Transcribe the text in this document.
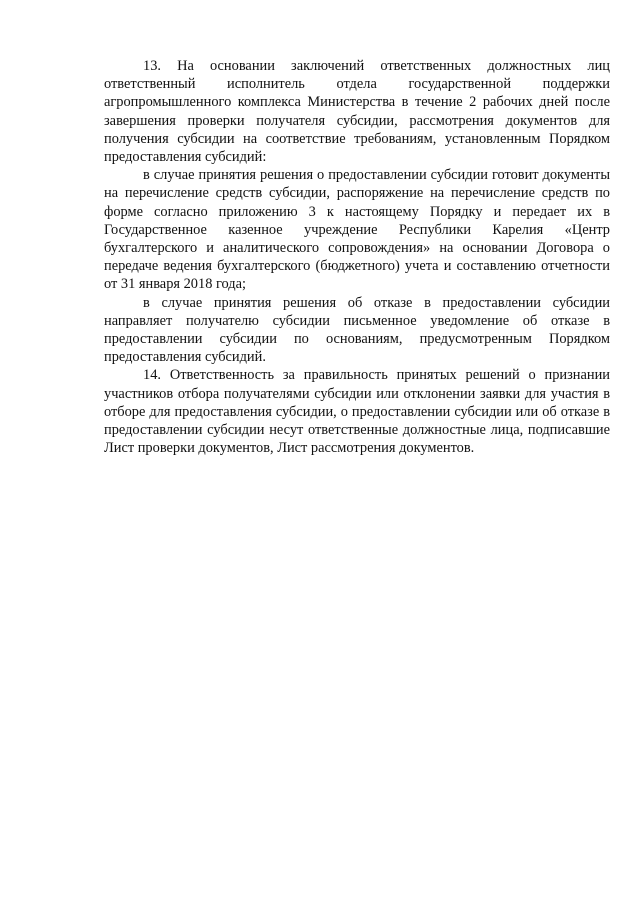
13. На основании заключений ответственных должностных лиц ответственный исполнитель отдела государственной поддержки агропромышленного комплекса Министерства в течение 2 рабочих дней после завершения проверки получателя субсидии, рассмотрения документов для получения субсидии на соответствие требованиям, установленным Порядком предоставления субсидий:

в случае принятия решения о предоставлении субсидии готовит документы на перечисление средств субсидии, распоряжение на перечисление средств по форме согласно приложению 3 к настоящему Порядку и передает их в Государственное казенное учреждение Республики Карелия «Центр бухгалтерского и аналитического сопровождения» на основании Договора о передаче ведения бухгалтерского (бюджетного) учета и составлению отчетности от 31 января 2018 года;

в случае принятия решения об отказе в предоставлении субсидии направляет получателю субсидии письменное уведомление об отказе в предоставлении субсидии по основаниям, предусмотренным Порядком предоставления субсидий.

14. Ответственность за правильность принятых решений о признании участников отбора получателями субсидии или отклонении заявки для участия в отборе для предоставления субсидии, о предоставлении субсидии или об отказе в предоставлении субсидии несут ответственные должностные лица, подписавшие Лист проверки документов, Лист рассмотрения документов.
